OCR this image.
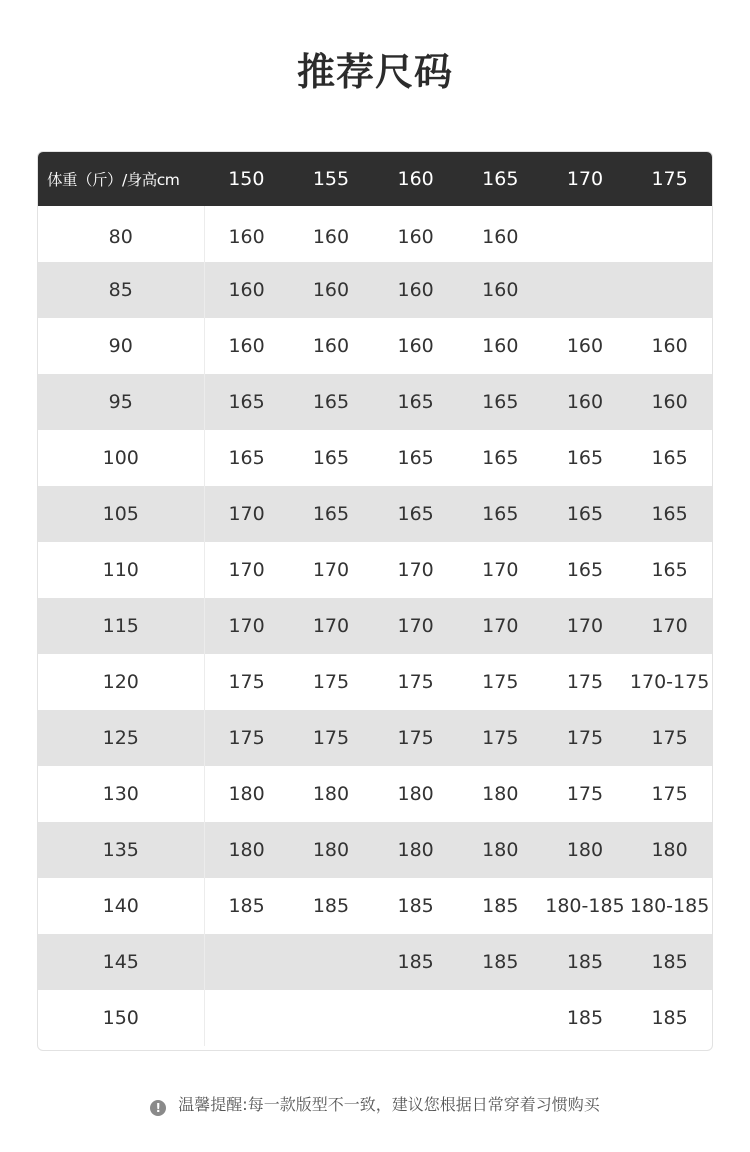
推荐尺码
体重（斤）/身高cm	150	155	160	165	170	175
80	160	160	160	160		
85	160	160	160	160		
90	160	160	160	160	160	160
95	165	165	165	165	160	160
100	165	165	165	165	165	165
105	170	165	165	165	165	165
110	170	170	170	170	165	165
115	170	170	170	170	170	170
120	175	175	175	175	175	170-175
125	175	175	175	175	175	175
130	180	180	180	180	175	175
135	180	180	180	180	180	180
140	185	185	185	185	180-185	180-185
145			185	185	185	185
150					185	185
! 温馨提醒:每一款版型不一致，建议您根据日常穿着习惯购买
